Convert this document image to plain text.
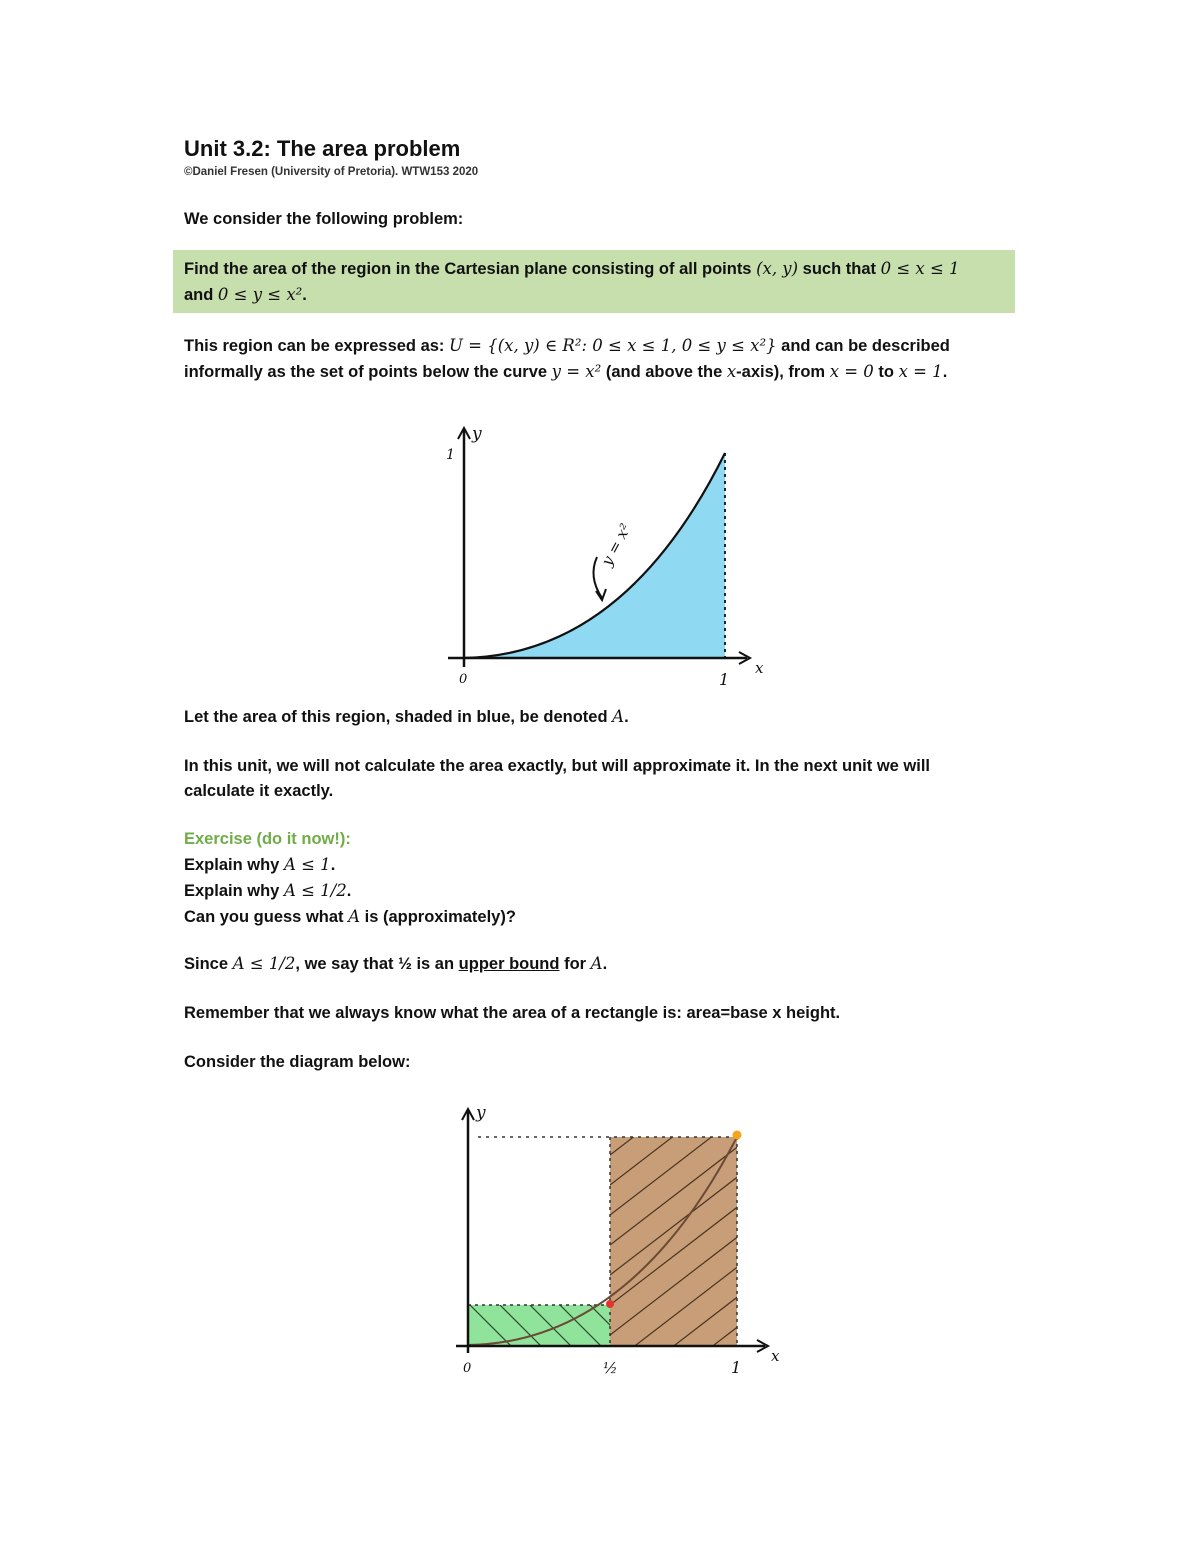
Unit 3.2: The area problem
©Daniel Fresen (University of Pretoria). WTW153 2020
We consider the following problem:
Find the area of the region in the Cartesian plane consisting of all points (x, y) such that 0 ≤ x ≤ 1
and 0 ≤ y ≤ x².
This region can be expressed as: U = {(x, y) ∈ R²: 0 ≤ x ≤ 1, 0 ≤ y ≤ x²} and can be described
informally as the set of points below the curve y = x² (and above the x-axis), from x = 0 to x = 1.
y = x²
y
x
1
0	1
Let the area of this region, shaded in blue, be denoted A.
In this unit, we will not calculate the area exactly, but will approximate it. In the next unit we will
calculate it exactly.
Exercise (do it now!):
Explain why A ≤ 1.
Explain why A ≤ 1/2.
Can you guess what A is (approximately)?
Since A ≤ 1/2, we say that ½ is an upper bound for A.
Remember that we always know what the area of a rectangle is: area=base x height.
Consider the diagram below:
y
x
0	½	1
